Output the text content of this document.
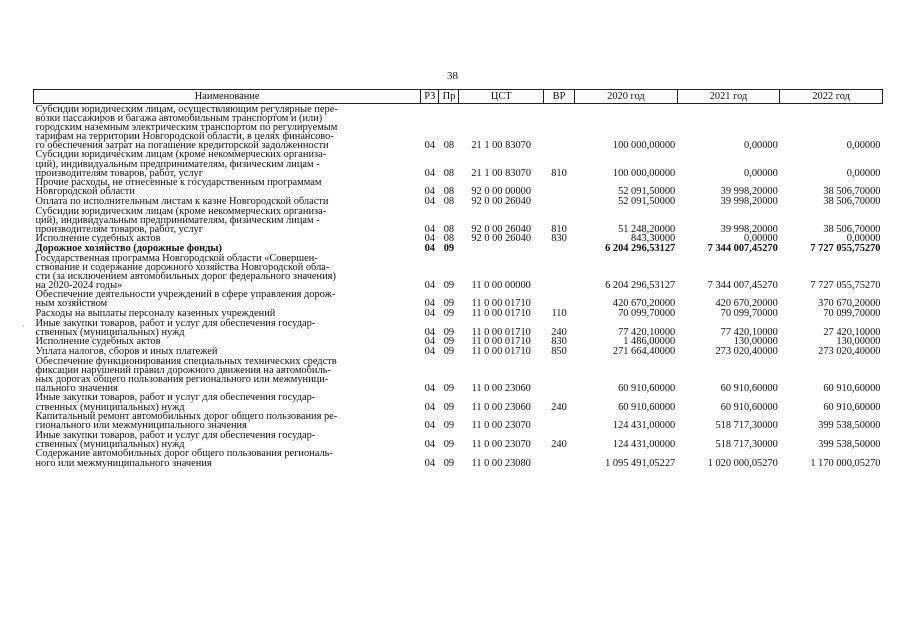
38
·
Наименование	РЗ	Пр	ЦСТ	ВР	2020 год	2021 год	2022 год

Субсидии юридическим лицам, осуществляющим регулярные пере-
возки пассажиров и багажа автомобильным транспортом и (или)
городским наземным электрическим транспортом по регулируемым
тарифам на территории Новгородской области, в целях финансово-
го обеспечения затрат на погашение кредиторской задолженности	04	08	21 1 00 83070		100 000,00000	0,00000	0,00000

Субсидии юридическим лицам (кроме некоммерческих организа-
ций), индивидуальным предпринимателям, физическим лицам -
производителям товаров, работ, услуг	04	08	21 1 00 83070	810	100 000,00000	0,00000	0,00000

Прочие расходы, не отнесенные к государственным программам
Новгородской области	04	08	92 0 00 00000		52 091,50000	39 998,20000	38 506,70000

Оплата по исполнительным листам к казне Новгородской области	04	08	92 0 00 26040		52 091,50000	39 998,20000	38 506,70000

Субсидии юридическим лицам (кроме некоммерческих организа-
ций), индивидуальным предпринимателям, физическим лицам -
производителям товаров, работ, услуг	04	08	92 0 00 26040	810	51 248,20000	39 998,20000	38 506,70000

Исполнение судебных актов	04	08	92 0 00 26040	830	843,30000	0,00000	0,00000

Дорожное хозяйство (дорожные фонды)	04	09			6 204 296,53127	7 344 007,45270	7 727 055,75270

Государственная программа Новгородской области «Совершен-
ствование и содержание дорожного хозяйства Новгородской обла-
сти (за исключением автомобильных дорог федерального значения)
на 2020-2024 годы»	04	09	11 0 00 00000		6 204 296,53127	7 344 007,45270	7 727 055,75270

Обеспечение деятельности учреждений в сфере управления дорож-
ным хозяйством	04	09	11 0 00 01710		420 670,20000	420 670,20000	370 670,20000

Расходы на выплаты персоналу казенных учреждений	04	09	11 0 00 01710	110	70 099,70000	70 099,70000	70 099,70000

Иные закупки товаров, работ и услуг для обеспечения государ-
ственных (муниципальных) нужд	04	09	11 0 00 01710	240	77 420,10000	77 420,10000	27 420,10000

Исполнение судебных актов	04	09	11 0 00 01710	830	1 486,00000	130,00000	130,00000

Уплата налогов, сборов и иных платежей	04	09	11 0 00 01710	850	271 664,40000	273 020,40000	273 020,40000

Обеспечение функционирования специальных технических средств
фиксации нарушений правил дорожного движения на автомобиль-
ных дорогах общего пользования регионального или межмуници-
пального значения	04	09	11 0 00 23060		60 910,60000	60 910,60000	60 910,60000

Иные закупки товаров, работ и услуг для обеспечения государ-
ственных (муниципальных) нужд	04	09	11 0 00 23060	240	60 910,60000	60 910,60000	60 910,60000

Капитальный ремонт автомобильных дорог общего пользования ре-
гионального или межмуниципального значения	04	09	11 0 00 23070		124 431,00000	518 717,30000	399 538,50000

Иные закупки товаров, работ и услуг для обеспечения государ-
ственных (муниципальных) нужд	04	09	11 0 00 23070	240	124 431,00000	518 717,30000	399 538,50000

Содержание автомобильных дорог общего пользования региональ-
ного или межмуниципального значения	04	09	11 0 00 23080		1 095 491,05227	1 020 000,05270	1 170 000,05270
